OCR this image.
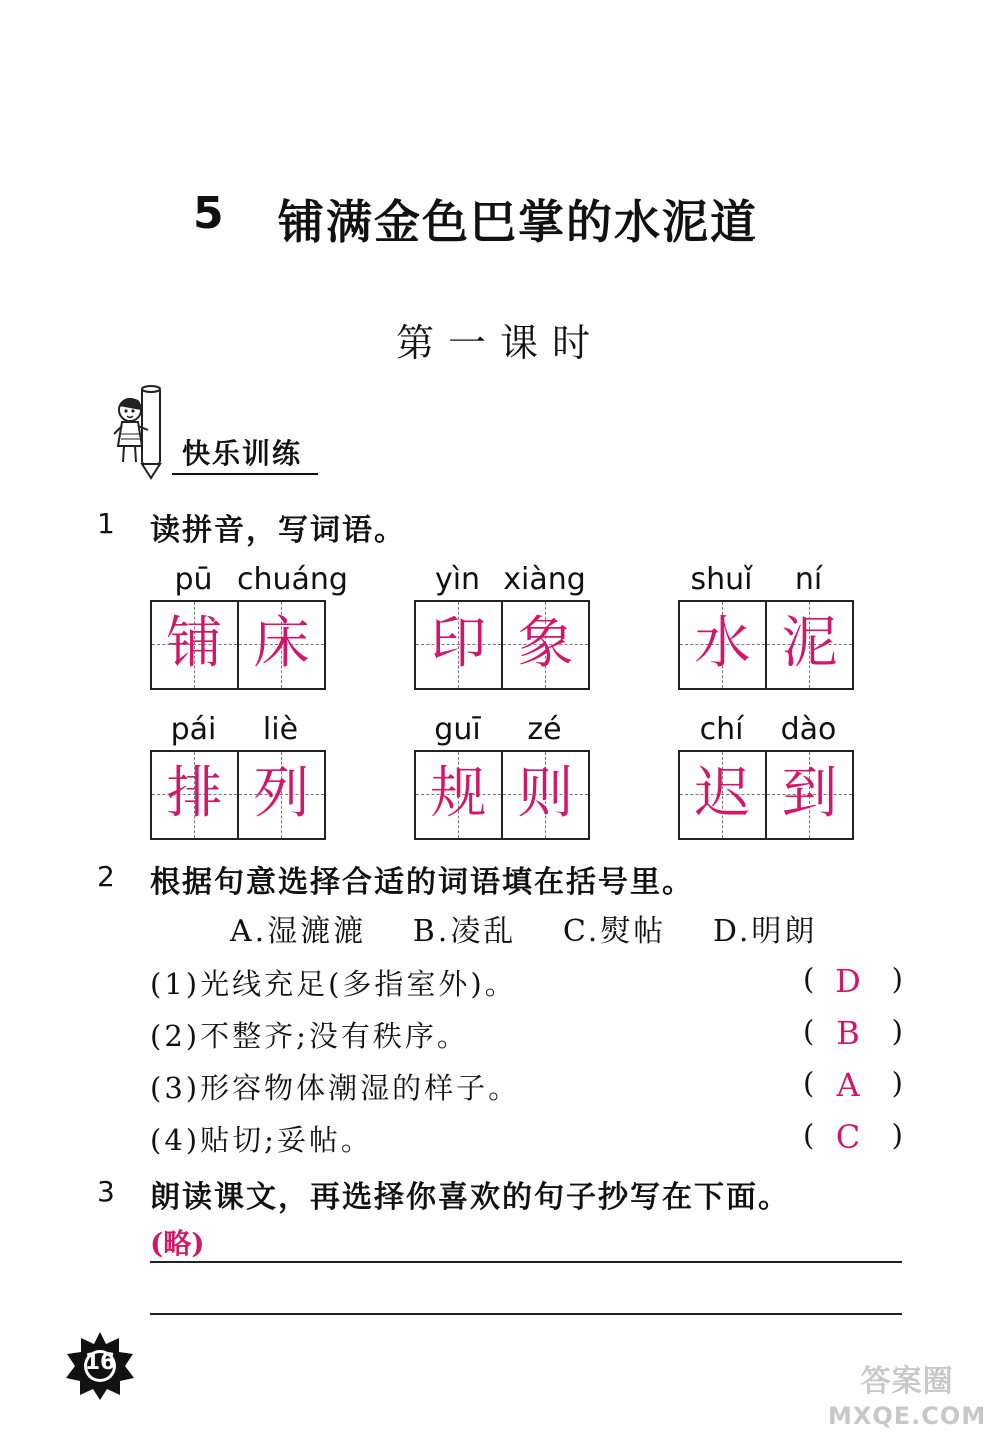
5 铺满金色巴掌的水泥道
第一课时
快乐训练
1 读拼音，写词语。
pū chuáng
铺 床
yìn xiàng
印 象
shuǐ	ní
水 泥
pái	liè
排 列
guī	zé
规 则
chí	dào
迟 到
2 根据句意选择合适的词语填在括号里。
A.湿漉漉 B.凌乱 C.熨帖 D.明朗
(1)光线充足(多指室外)。	( D )
(2)不整齐;没有秩序。	( B )
(3)形容物体潮湿的样子。	( A )
(4)贴切;妥帖。	( C )
3 朗读课文，再选择你喜欢的句子抄写在下面。
(略)
16
答案圈
MXQE.COM
